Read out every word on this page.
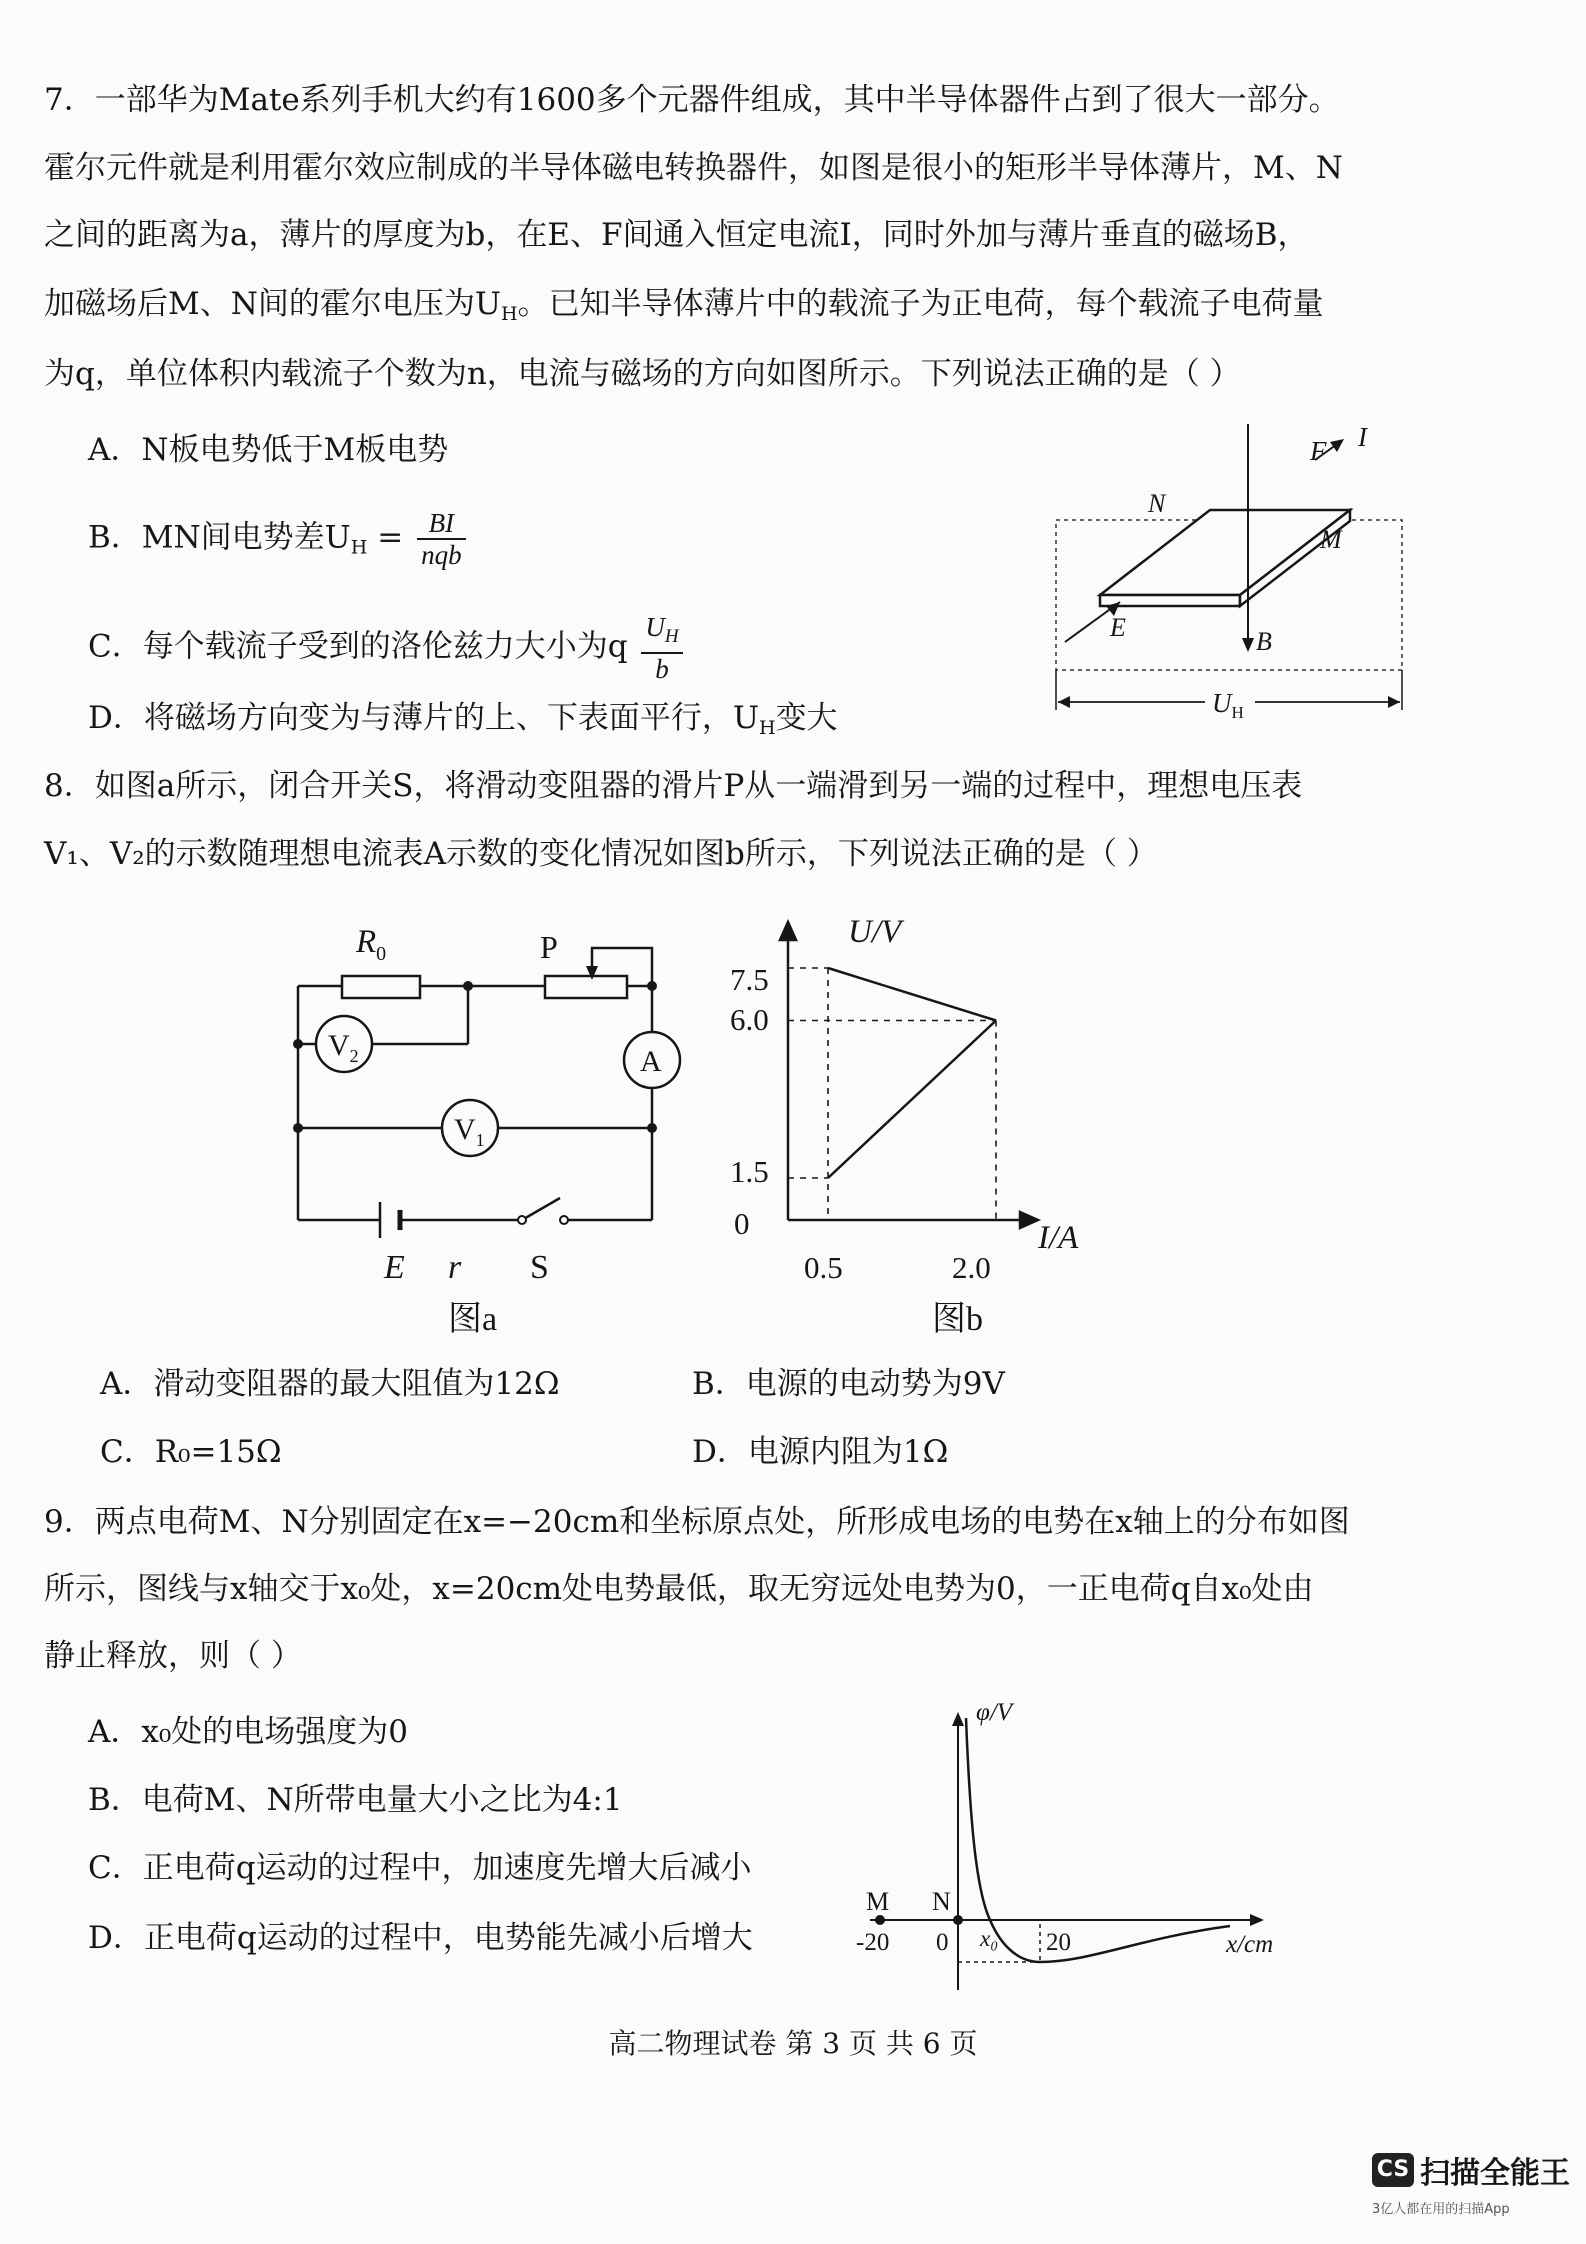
7．一部华为Mate系列手机大约有1600多个元器件组成，其中半导体器件占到了很大一部分。
霍尔元件就是利用霍尔效应制成的半导体磁电转换器件，如图是很小的矩形半导体薄片，M、N
之间的距离为a，薄片的厚度为b，在E、F间通入恒定电流I，同时外加与薄片垂直的磁场B，
加磁场后M、N间的霍尔电压为$U_H$。已知半导体薄片中的载流子为正电荷，每个载流子电荷量
为q，单位体积内载流子个数为n，电流与磁场的方向如图所示。下列说法正确的是（ ）
A．N板电势低于M板电势
B．MN间电势差$U_H = \frac{BI}{\text{nqb}}$
C．每个载流子受到的洛伦兹力大小为q $\frac{U_H}{b}$
D．将磁场方向变为与薄片的上、下表面平行，$U_H$变大
F I
N
M
E	B
$U_H$
8．如图a所示，闭合开关S，将滑动变阻器的滑片P从一端滑到另一端的过程中，理想电压表
V₁、V₂的示数随理想电流表A示数的变化情况如图b所示，下列说法正确的是（ ）
$R_0$	P
$V_2$
$V_1$
A
E r S
图a
I/A
U/V
0
7.5
6.0
1.5
0.5	2.0
图b
A．滑动变阻器的最大阻值为12Ω	B．电源的电动势为9V
C．R₀=15Ω	D．电源内阻为1Ω
9．两点电荷M、N分别固定在x=−20cm和坐标原点处，所形成电场的电势在x轴上的分布如图
所示，图线与x轴交于x₀处，x=20cm处电势最低，取无穷远处电势为0，一正电荷q自x₀处由
静止释放，则（ ）
A．x₀处的电场强度为0
B．电荷M、N所带电量大小之比为4:1
C．正电荷q运动的过程中，加速度先增大后减小
D．正电荷q运动的过程中，电势能先减小后增大
φ/V
M N
-20 0 x₀ 20	x/cm
高二物理试卷 第 3 页 共 6 页
CS 扫描全能王
3亿人都在用的扫描App
